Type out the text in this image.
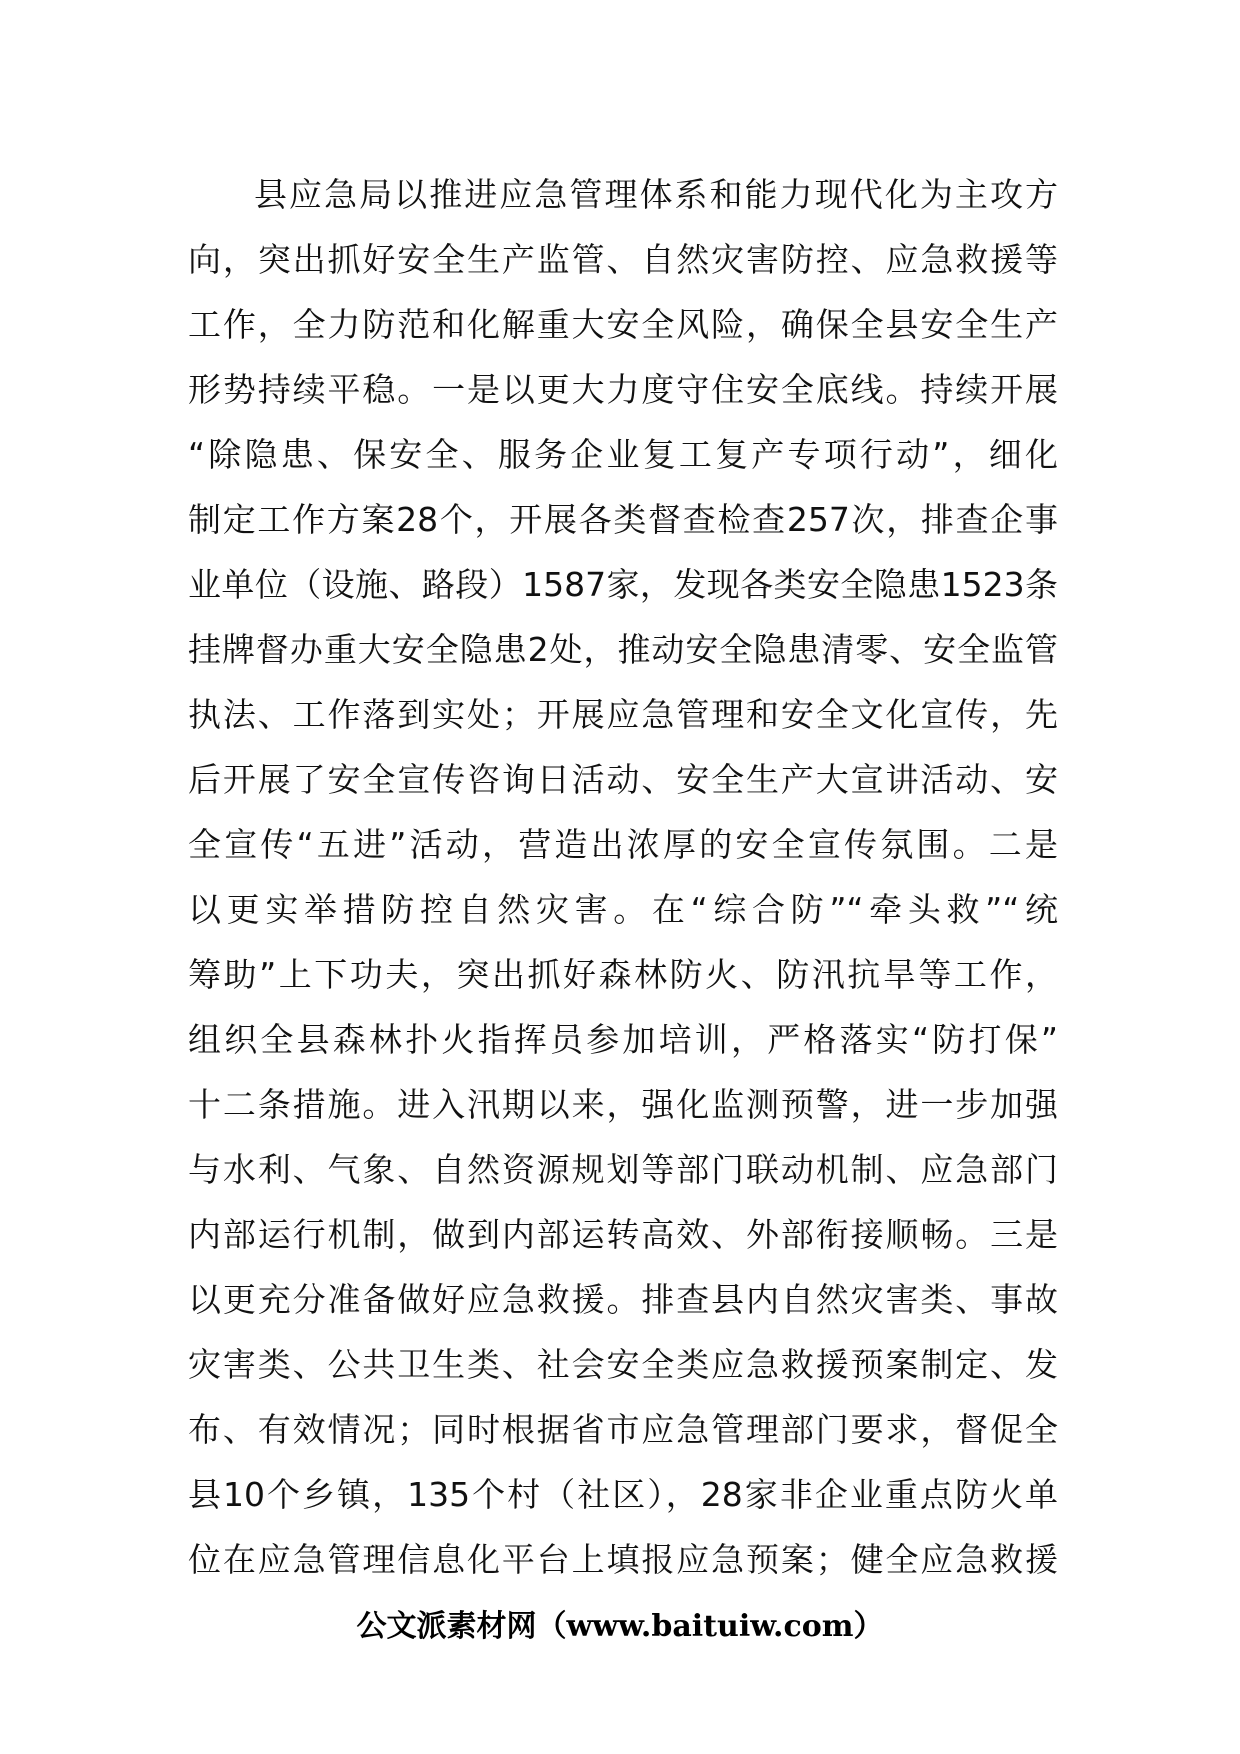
县应急局以推进应急管理体系和能力现代化为主攻方
向，突出抓好安全生产监管、自然灾害防控、应急救援等
工作，全力防范和化解重大安全风险，确保全县安全生产
形势持续平稳。一是以更大力度守住安全底线。持续开展
“除隐患、保安全、服务企业复工复产专项行动”，细化
制定工作方案28个，开展各类督查检查257次，排查企事
业单位（设施、路段）1587家，发现各类安全隐患1523条
挂牌督办重大安全隐患2处，推动安全隐患清零、安全监管
执法、工作落到实处；开展应急管理和安全文化宣传，先
后开展了安全宣传咨询日活动、安全生产大宣讲活动、安
全宣传“五进”活动，营造出浓厚的安全宣传氛围。二是
以更实举措防控自然灾害。在“综合防”“牵头救”“统
筹助”上下功夫，突出抓好森林防火、防汛抗旱等工作，
组织全县森林扑火指挥员参加培训，严格落实“防打保”
十二条措施。进入汛期以来，强化监测预警，进一步加强
与水利、气象、自然资源规划等部门联动机制、应急部门
内部运行机制，做到内部运转高效、外部衔接顺畅。三是
以更充分准备做好应急救援。排查县内自然灾害类、事故
灾害类、公共卫生类、社会安全类应急救援预案制定、发
布、有效情况；同时根据省市应急管理部门要求，督促全
县10个乡镇，135个村（社区），28家非企业重点防火单
位在应急管理信息化平台上填报应急预案；健全应急救援
公文派素材网（www.baituiw.com）
